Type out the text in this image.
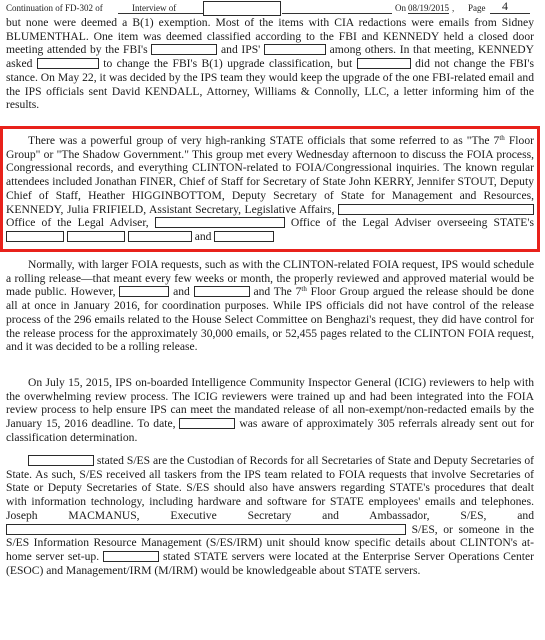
Continuation of FD-302 of	Interview of	On 08/19/2015 , Page 4

but none were deemed a B(1) exemption. Most of the items with CIA redactions were emails from Sidney BLUMENTHAL. One item was deemed classified according to the FBI and KENNEDY held a closed door meeting attended by the FBI's	and IPS'	among others. In that meeting, KENNEDY asked	to change the FBI's B(1) upgrade classification, but	did not change the FBI's stance. On May 22, it was decided by the IPS team they would keep the upgrade of the one FBI-related email and the IPS officials sent David KENDALL, Attorney, Williams & Connolly, LLC, a letter informing him of the results.

There was a powerful group of very high-ranking STATE officials that some referred to as "The 7th Floor Group" or "The Shadow Government." This group met every Wednesday afternoon to discuss the FOIA process, Congressional records, and everything CLINTON-related to FOIA/Congressional inquiries. The known regular attendees included Jonathan FINER, Chief of Staff for Secretary of State John KERRY, Jennifer STOUT, Deputy Chief of Staff, Heather HIGGINBOTTOM, Deputy Secretary of State for Management and Resources, KENNEDY, Julia FRIFIELD, Assistant Secretary, Legislative Affairs,  Office of the Legal Adviser,	Office of the Legal Adviser overseeing STATE's    and

Normally, with larger FOIA requests, such as with the CLINTON-related FOIA request, IPS would schedule a rolling release—that meant every few weeks or month, the properly reviewed and approved material would be made public. However,	and	and The 7th Floor Group argued the release should be done all at once in January 2016, for coordination purposes. While IPS officials did not have control of the release process of the 296 emails related to the House Select Committee on Benghazi's request, they did have control for the release process for the approximately 30,000 emails, or 52,455 pages related to the CLINTON FOIA request, and it was decided to be a rolling release.

On July 15, 2015, IPS on-boarded Intelligence Community Inspector General (ICIG) reviewers to help with the overwhelming review process. The ICIG reviewers were trained up and had been integrated into the FOIA review process to help ensure IPS can meet the mandated release of all non-exempt/non-redacted emails by the January 15, 2016 deadline. To date,	was aware of approximately 305 referrals already sent out for classification determination.

stated S/ES are the Custodian of Records for all Secretaries of State and Deputy Secretaries of State. As such, S/ES received all taskers from the IPS team related to FOIA requests that involve Secretaries of State or Deputy Secretaries of State. S/ES should also have answers regarding STATE's procedures that dealt with information technology, including hardware and software for STATE employees' emails and telephones. Joseph MACMANUS, Executive Secretary and Ambassador, S/ES, and  S/ES, or someone in the S/ES Information Resource Management (S/ES/IRM) unit should know specific details about CLINTON's at-home server set-up.	stated STATE servers were located at the Enterprise Server Operations Center (ESOC) and Management/IRM (M/IRM) would be knowledgeable about STATE servers.
